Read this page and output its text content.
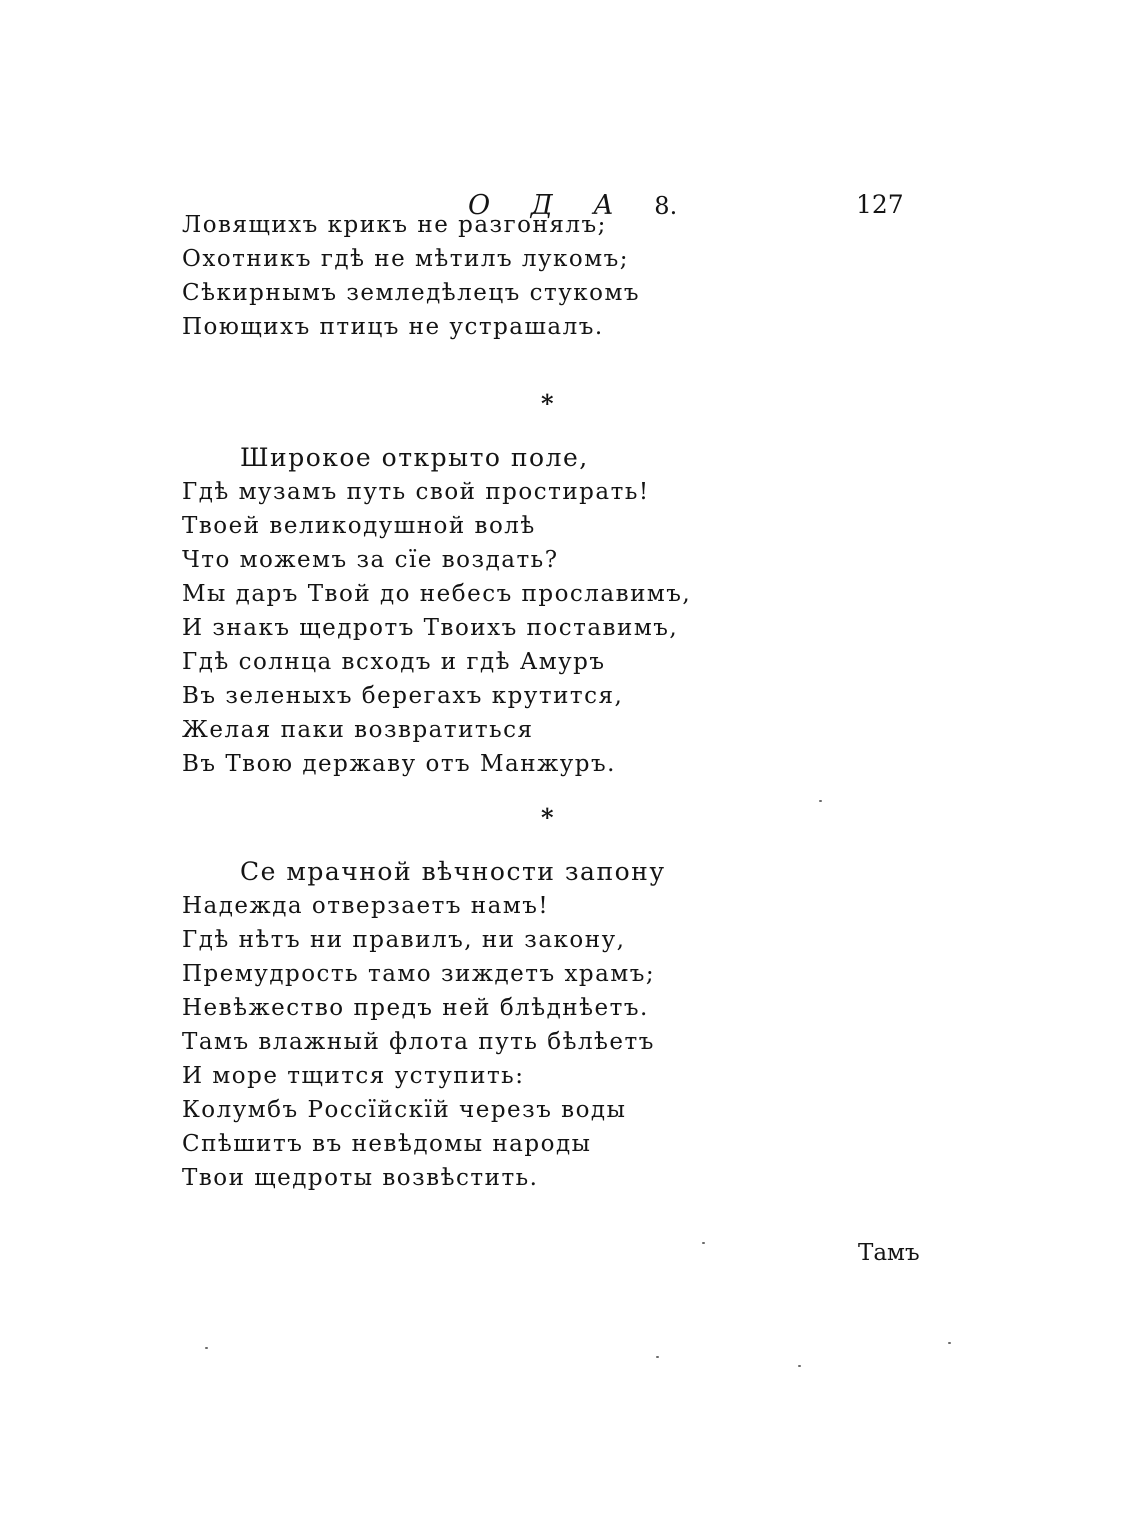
О Д А 8.	127
Ловящихъ крикъ не разгонялъ;
Охотникъ гдѣ не мѣтилъ лукомъ;
Сѣкирнымъ земледѣлецъ стукомъ
Поющихъ птицъ не устрашалъ.
*
Широкое открыто поле,
Гдѣ музамъ путь свой простирать!
Твоей великодушной волѣ
Что можемъ за сїе воздать?
Мы даръ Твой до небесъ прославимъ,
И знакъ щедротъ Твоихъ поставимъ,
Гдѣ солнца всходъ и гдѣ Амуръ
Въ зеленыхъ берегахъ крутится,
Желая паки возвратиться
Въ Твою державу отъ Манжуръ.
*
Се мрачной вѣчности запону
Надежда отверзаетъ намъ!
Гдѣ нѣтъ ни правилъ, ни закону,
Премудрость тамо зиждетъ храмъ;
Невѣжество предъ ней блѣднѣетъ.
Тамъ влажный флота путь бѣлѣетъ
И море тщится уступить:
Колумбъ Россїйскїй черезъ воды
Спѣшитъ въ невѣдомы народы
Твои щедроты возвѣстить.
Тамъ
